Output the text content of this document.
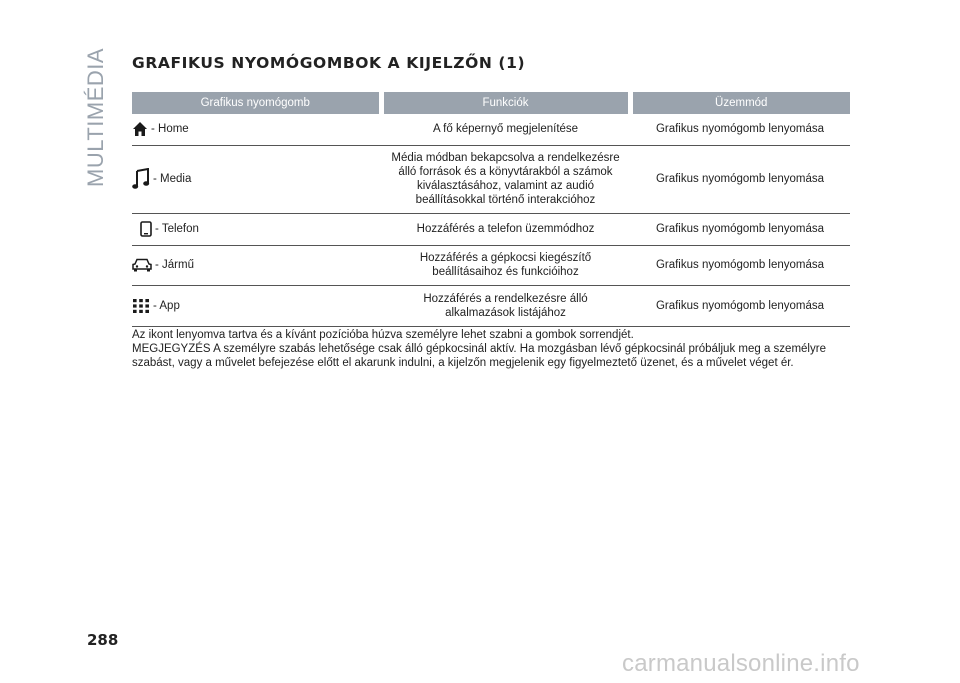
MULTIMÉDIA GRAFIKUS NYOMÓGOMBOK A KIJELZŐN (1)
Grafikus nyomógomb	Funkciók	Üzemmód

- Home	A fő képernyő megjelenítése	Grafikus nyomógomb lenyomása

- Media	Média módban bekapcsolva a rendelkezésre álló források és a könyvtárakból a számok kiválasztásához, valamint az audió beállításokkal történő interakcióhoz	Grafikus nyomógomb lenyomása

- Telefon	Hozzáférés a telefon üzemmódhoz	Grafikus nyomógomb lenyomása

- Jármű	Hozzáférés a gépkocsi kiegészítő beállításaihoz és funkcióihoz	Grafikus nyomógomb lenyomása

- App	Hozzáférés a rendelkezésre álló alkalmazások listájához	Grafikus nyomógomb lenyomása

Az ikont lenyomva tartva és a kívánt pozícióba húzva személyre lehet szabni a gombok sorrendjét.

MEGJEGYZÉS A személyre szabás lehetősége csak álló gépkocsinál aktív. Ha mozgásban lévő gépkocsinál próbáljuk meg a személyre szabást, vagy a művelet befejezése előtt el akarunk indulni, a kijelzőn megjelenik egy figyelmeztető üzenet, és a művelet véget ér.

288
carmanualsonline.info
